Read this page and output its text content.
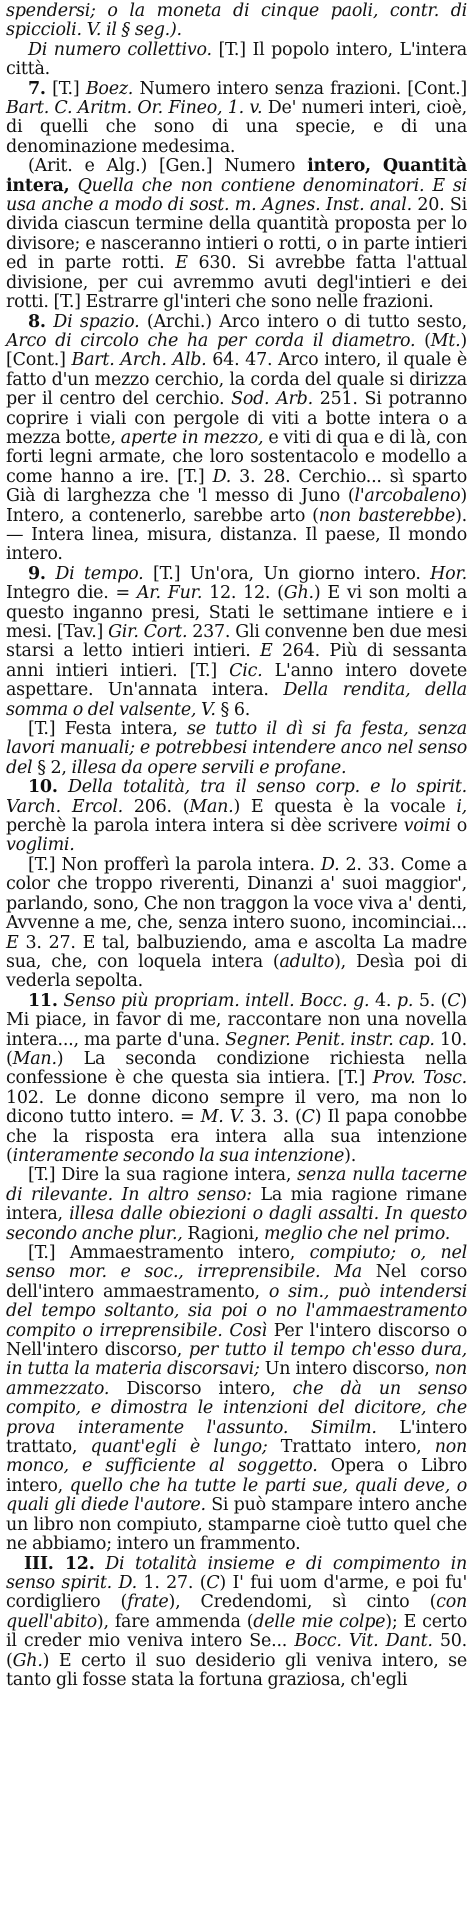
spendersi; o la moneta di cinque paoli, contr. di spiccioli. V. il § seg.).

Di numero collettivo. [T.] Il popolo intero, L'intera città.

7. [T.] Boez. Numero intero senza frazioni. [Cont.] Bart. C. Aritm. Or. Fineo, 1. v. De' numeri interi, cioè, di quelli che sono di una specie, e di una denominazione medesima.

(Arit. e Alg.) [Gen.] Numero intero, Quantità intera, Quella che non contiene denominatori. E si usa anche a modo di sost. m. Agnes. Inst. anal. 20. Si divida ciascun termine della quantità proposta per lo divisore; e nasceranno intieri o rotti, o in parte intieri ed in parte rotti. E 630. Si avrebbe fatta l'attual divisione, per cui avremmo avuti degl'intieri e dei rotti. [T.] Estrarre gl'interi che sono nelle frazioni.

8. Di spazio. (Archi.) Arco intero o di tutto sesto, Arco di circolo che ha per corda il diametro. (Mt.) [Cont.] Bart. Arch. Alb. 64. 47. Arco intero, il quale è fatto d'un mezzo cerchio, la corda del quale si dirizza per il centro del cerchio. Sod. Arb. 251. Si potranno coprire i viali con pergole di viti a botte intera o a mezza botte, aperte in mezzo, e viti di qua e di là, con forti legni armate, che loro sostentacolo e modello a come hanno a ire. [T.] D. 3. 28. Cerchio... sì sparto Già di larghezza che 'l messo di Juno (l'arcobaleno) Intero, a contenerlo, sarebbe arto (non basterebbe). — Intera linea, misura, distanza. Il paese, Il mondo intero.

9. Di tempo. [T.] Un'ora, Un giorno intero. Hor. Integro die. = Ar. Fur. 12. 12. (Gh.) E vi son molti a questo inganno presi, Stati le settimane intiere e i mesi. [Tav.] Gir. Cort. 237. Gli convenne ben due mesi starsi a letto intieri intieri. E 264. Più di sessanta anni intieri intieri. [T.] Cic. L'anno intero dovete aspettare. Un'annata intera. Della rendita, della somma o del valsente, V. § 6.

[T.] Festa intera, se tutto il dì si fa festa, senza lavori manuali; e potrebbesi intendere anco nel senso del § 2, illesa da opere servili e profane.

10. Della totalità, tra il senso corp. e lo spirit. Varch. Ercol. 206. (Man.) E questa è la vocale i, perchè la parola intera intera si dèe scrivere voimi o voglimi.

[T.] Non profferì la parola intera. D. 2. 33. Come a color che troppo riverenti, Dinanzi a' suoi maggior', parlando, sono, Che non traggon la voce viva a' denti, Avvenne a me, che, senza intero suono, incominciai... E 3. 27. E tal, balbuziendo, ama e ascolta La madre sua, che, con loquela intera (adulto), Desìa poi di vederla sepolta.

11. Senso più propriam. intell. Bocc. g. 4. p. 5. (C) Mi piace, in favor di me, raccontare non una novella intera..., ma parte d'una. Segner. Penit. instr. cap. 10. (Man.) La seconda condizione richiesta nella confessione è che questa sia intiera. [T.] Prov. Tosc. 102. Le donne dicono sempre il vero, ma non lo dicono tutto intero. = M. V. 3. 3. (C) Il papa conobbe che la risposta era intera alla sua intenzione (interamente secondo la sua intenzione).

[T.] Dire la sua ragione intera, senza nulla tacerne di rilevante. In altro senso: La mia ragione rimane intera, illesa dalle obiezioni o dagli assalti. In questo secondo anche plur., Ragioni, meglio che nel primo.

[T.] Ammaestramento intero, compiuto; o, nel senso mor. e soc., irreprensibile. Ma Nel corso dell'intero ammaestramento, o sim., può intendersi del tempo soltanto, sia poi o no l'ammaestramento compito o irreprensibile. Così Per l'intero discorso o Nell'intero discorso, per tutto il tempo ch'esso dura, in tutta la materia discorsavi; Un intero discorso, non ammezzato. Discorso intero, che dà un senso compito, e dimostra le intenzioni del dicitore, che prova interamente l'assunto. Similm. L'intero trattato, quant'egli è lungo; Trattato intero, non monco, e sufficiente al soggetto. Opera o Libro intero, quello che ha tutte le parti sue, quali deve, o quali gli diede l'autore. Si può stampare intero anche un libro non compiuto, stamparne cioè tutto quel che ne abbiamo; intero un frammento.

III. 12. Di totalità insieme e di compimento in senso spirit. D. 1. 27. (C) I' fui uom d'arme, e poi fu' cordigliero (frate), Credendomi, sì cinto (con quell'abito), fare ammenda (delle mie colpe); E certo il creder mio veniva intero Se... Bocc. Vit. Dant. 50. (Gh.) E certo il suo desiderio gli veniva intero, se tanto gli fosse stata la fortuna graziosa, ch'egli
